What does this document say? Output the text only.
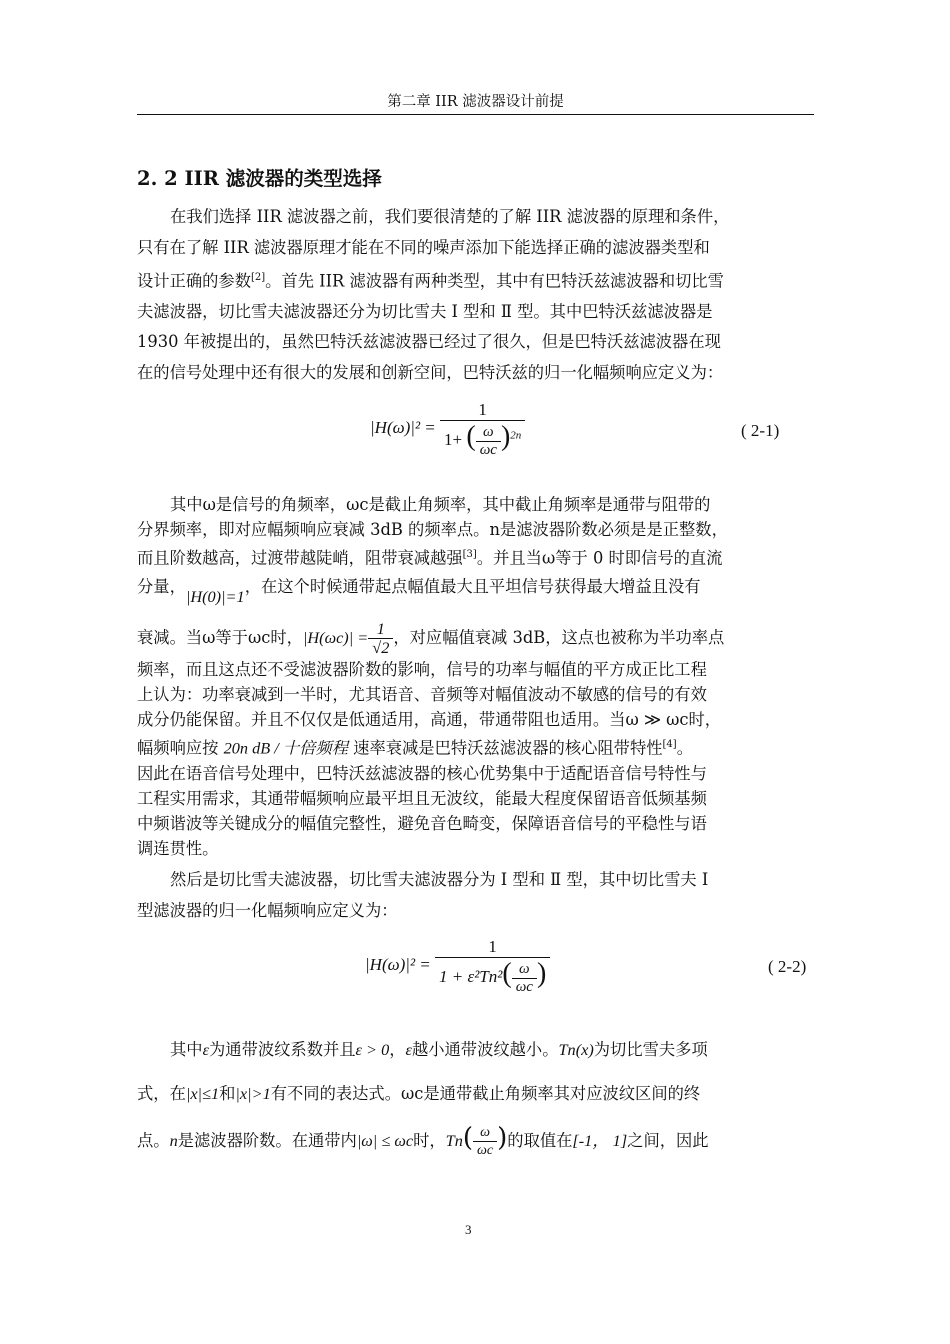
第二章 IIR 滤波器设计前提
2. 2 IIR 滤波器的类型选择
在我们选择 IIR 滤波器之前，我们要很清楚的了解 IIR 滤波器的原理和条件，
只有在了解 IIR 滤波器原理才能在不同的噪声添加下能选择正确的滤波器类型和
设计正确的参数[2]。首先 IIR 滤波器有两种类型，其中有巴特沃兹滤波器和切比雪
夫滤波器，切比雪夫滤波器还分为切比雪夫 Ⅰ 型和 Ⅱ 型。其中巴特沃兹滤波器是
1930 年被提出的，虽然巴特沃兹滤波器已经过了很久，但是巴特沃兹滤波器在现
在的信号处理中还有很大的发展和创新空间，巴特沃兹的归一化幅频响应定义为：
$|H(\omega)|^2 = \frac{1}{1+ ( \frac{\omega}{\omega c} )^{2n}}$	( 2-1)
其中ω是信号的角频率，ωc是截止角频率，其中截止角频率是通带与阻带的
分界频率，即对应幅频响应衰减 3dB 的频率点。n是滤波器阶数必须是是正整数，
而且阶数越高，过渡带越陡峭，阻带衰减越强[3]。并且当ω等于 0 时即信号的直流
分量，|H(0)|=1，在这个时候通带起点幅值最大且平坦信号获得最大增益且没有
衰减。当ω等于ωc时，$|H(\omega c)| = \frac{1}{√2}$ ，对应幅值衰减 3dB，这点也被称为半功率点
频率，而且这点还不受滤波器阶数的影响，信号的功率与幅值的平方成正比工程
上认为：功率衰减到一半时，尤其语音、音频等对幅值波动不敏感的信号的有效
成分仍能保留。并且不仅仅是低通适用，高通，带通带阻也适用。当ω ≫ ωc时，
幅频响应按 20n dB / 十倍频程 速率衰减是巴特沃兹滤波器的核心阻带特性[4]。
因此在语音信号处理中，巴特沃兹滤波器的核心优势集中于适配语音信号特性与
工程实用需求，其通带幅频响应最平坦且无波纹，能最大程度保留语音低频基频
中频谐波等关键成分的幅值完整性，避免音色畸变，保障语音信号的平稳性与语
调连贯性。
然后是切比雪夫滤波器，切比雪夫滤波器分为 Ⅰ 型和 Ⅱ 型，其中切比雪夫 Ⅰ
型滤波器的归一化幅频响应定义为：
$|H(\omega)|^2 = \frac{1}{1 + \varepsilon^2Tn^2( \frac{\omega}{\omega c} )}$	( 2-2)
其中ε为通带波纹系数并且ε > 0，ε越小通带波纹越小。Tn(x)为切比雪夫多项
式，在|x|≤1和|x|>1有不同的表达式。ωc是通带截止角频率其对应波纹区间的终
点。n是滤波器阶数。在通带内|ω| ≤ ωc时，$Tn( \frac{\omega}{\omega c}$ )的取值在[-1， 1]之间，因此
3
